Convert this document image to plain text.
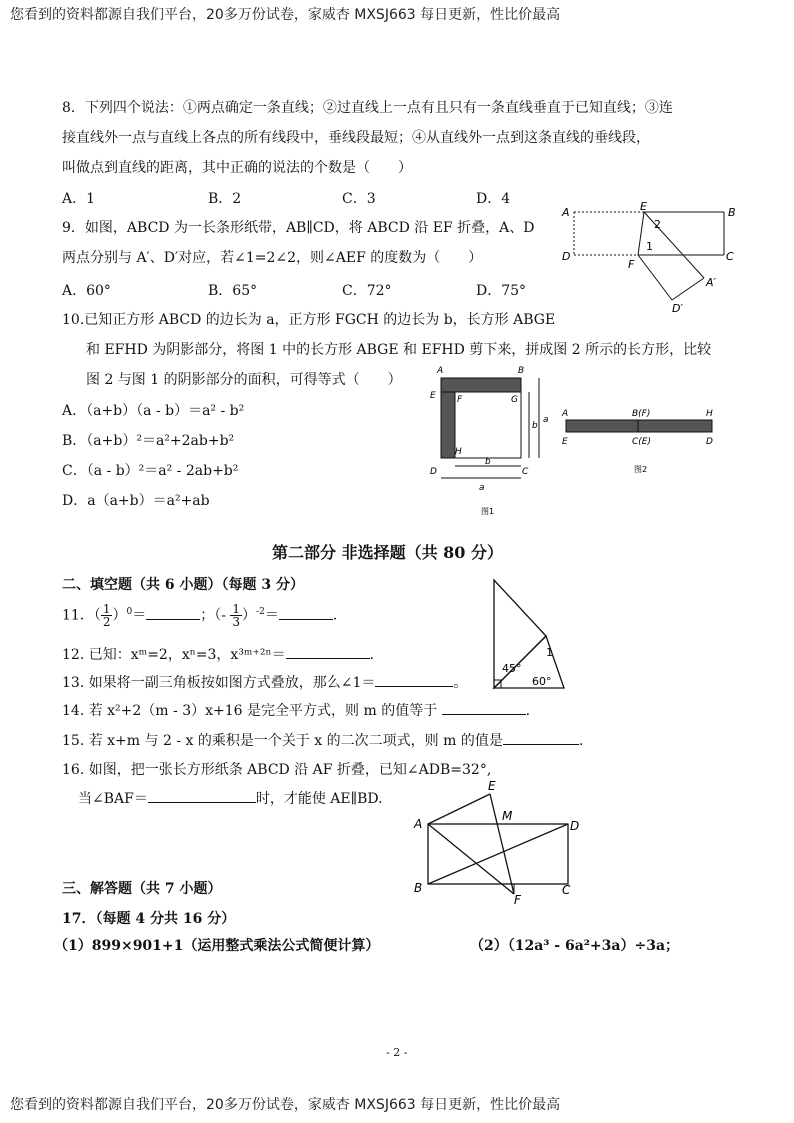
您看到的资料都源自我们平台，20多万份试卷，家威杏 MXSJ663 每日更新，性比价最高
8．下列四个说法：①两点确定一条直线；②过直线上一点有且只有一条直线垂直于已知直线；③连
接直线外一点与直线上各点的所有线段中，垂线段最短；④从直线外一点到这条直线的垂线段，
叫做点到直线的距离，其中正确的说法的个数是（　　）
A．1	B．2	C．3	D．4
9．如图，ABCD 为一长条形纸带，AB∥CD，将 ABCD 沿 EF 折叠，A、D
两点分别与 A′、D′对应，若∠1=2∠2，则∠AEF 的度数为（　　）
A．60°	B．65°	C．72°	D．75°
A	E	B
2
1
D
F
C
A′
D′
10.已知正方形 ABCD 的边长为 a，正方形 FGCH 的边长为 b，长方形 ABGE
和 EFHD 为阴影部分，将图 1 中的长方形 ABGE 和 EFHD 剪下来，拼成图 2 所示的长方形，比较
图 2 与图 1 的阴影部分的面积，可得等式（　　）
A．（a+b）（a - b）＝a² - b²
B．（a+b）²＝a²+2ab+b²
C．（a - b）²＝a² - 2ab+b²
D．a（a+b）＝a²+ab
A	B
E F	G
D
H
C
a
b
b
a
图1
A	B(F)	H
E	C(E)	D
图2
第二部分 非选择题（共 80 分）
二、填空题（共 6 小题）（每题 3 分）
11．（ $\frac{1}{2} )^0=$	；（- $\frac{1}{3} )^{-2}=$	．
12. 已知：xᵐ=2，xⁿ=3，x³ᵐ⁺²ⁿ＝	.
13. 如果将一副三角板按如图方式叠放，那么∠1＝	。
45°
60°
1
14. 若 x²+2（m - 3）x+16 是完全平方式，则 m 的值等于	.
15. 若 x+m 与 2 - x 的乘积是一个关于 x 的二次二项式，则 m 的值是	.
16. 如图，把一张长方形纸条 ABCD 沿 AF 折叠，已知∠ADB=32°,
当∠BAF＝	时，才能使 AE∥BD.
E
M
A	D
B	C
F
三、解答题（共 7 小题）
17．（每题 4 分共 16 分）
（1）899×901+1（运用整式乘法公式简便计算）	（2）（12a³ - 6a²+3a）÷3a；
- 2 -
您看到的资料都源自我们平台，20多万份试卷，家威杏 MXSJ663 每日更新，性比价最高
